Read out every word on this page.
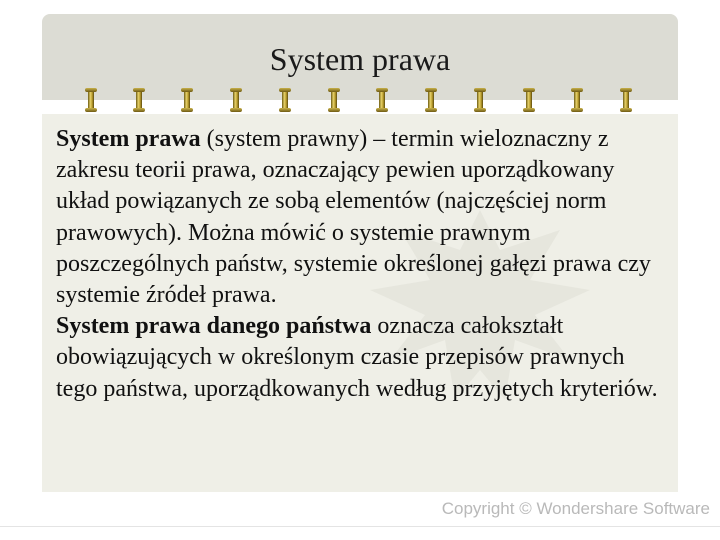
System prawa

System prawa (system prawny) – termin wieloznaczny z zakresu teorii prawa, oznaczający pewien uporządkowany układ powiązanych ze sobą elementów (najczęściej norm prawowych). Można mówić o systemie prawnym poszczególnych państw, systemie określonej gałęzi prawa czy systemie źródeł prawa.

System prawa danego państwa oznacza całokształt obowiązujących w określonym czasie przepisów prawnych tego państwa, uporządkowanych według przyjętych kryteriów.

Copyright © Wondershare Software
